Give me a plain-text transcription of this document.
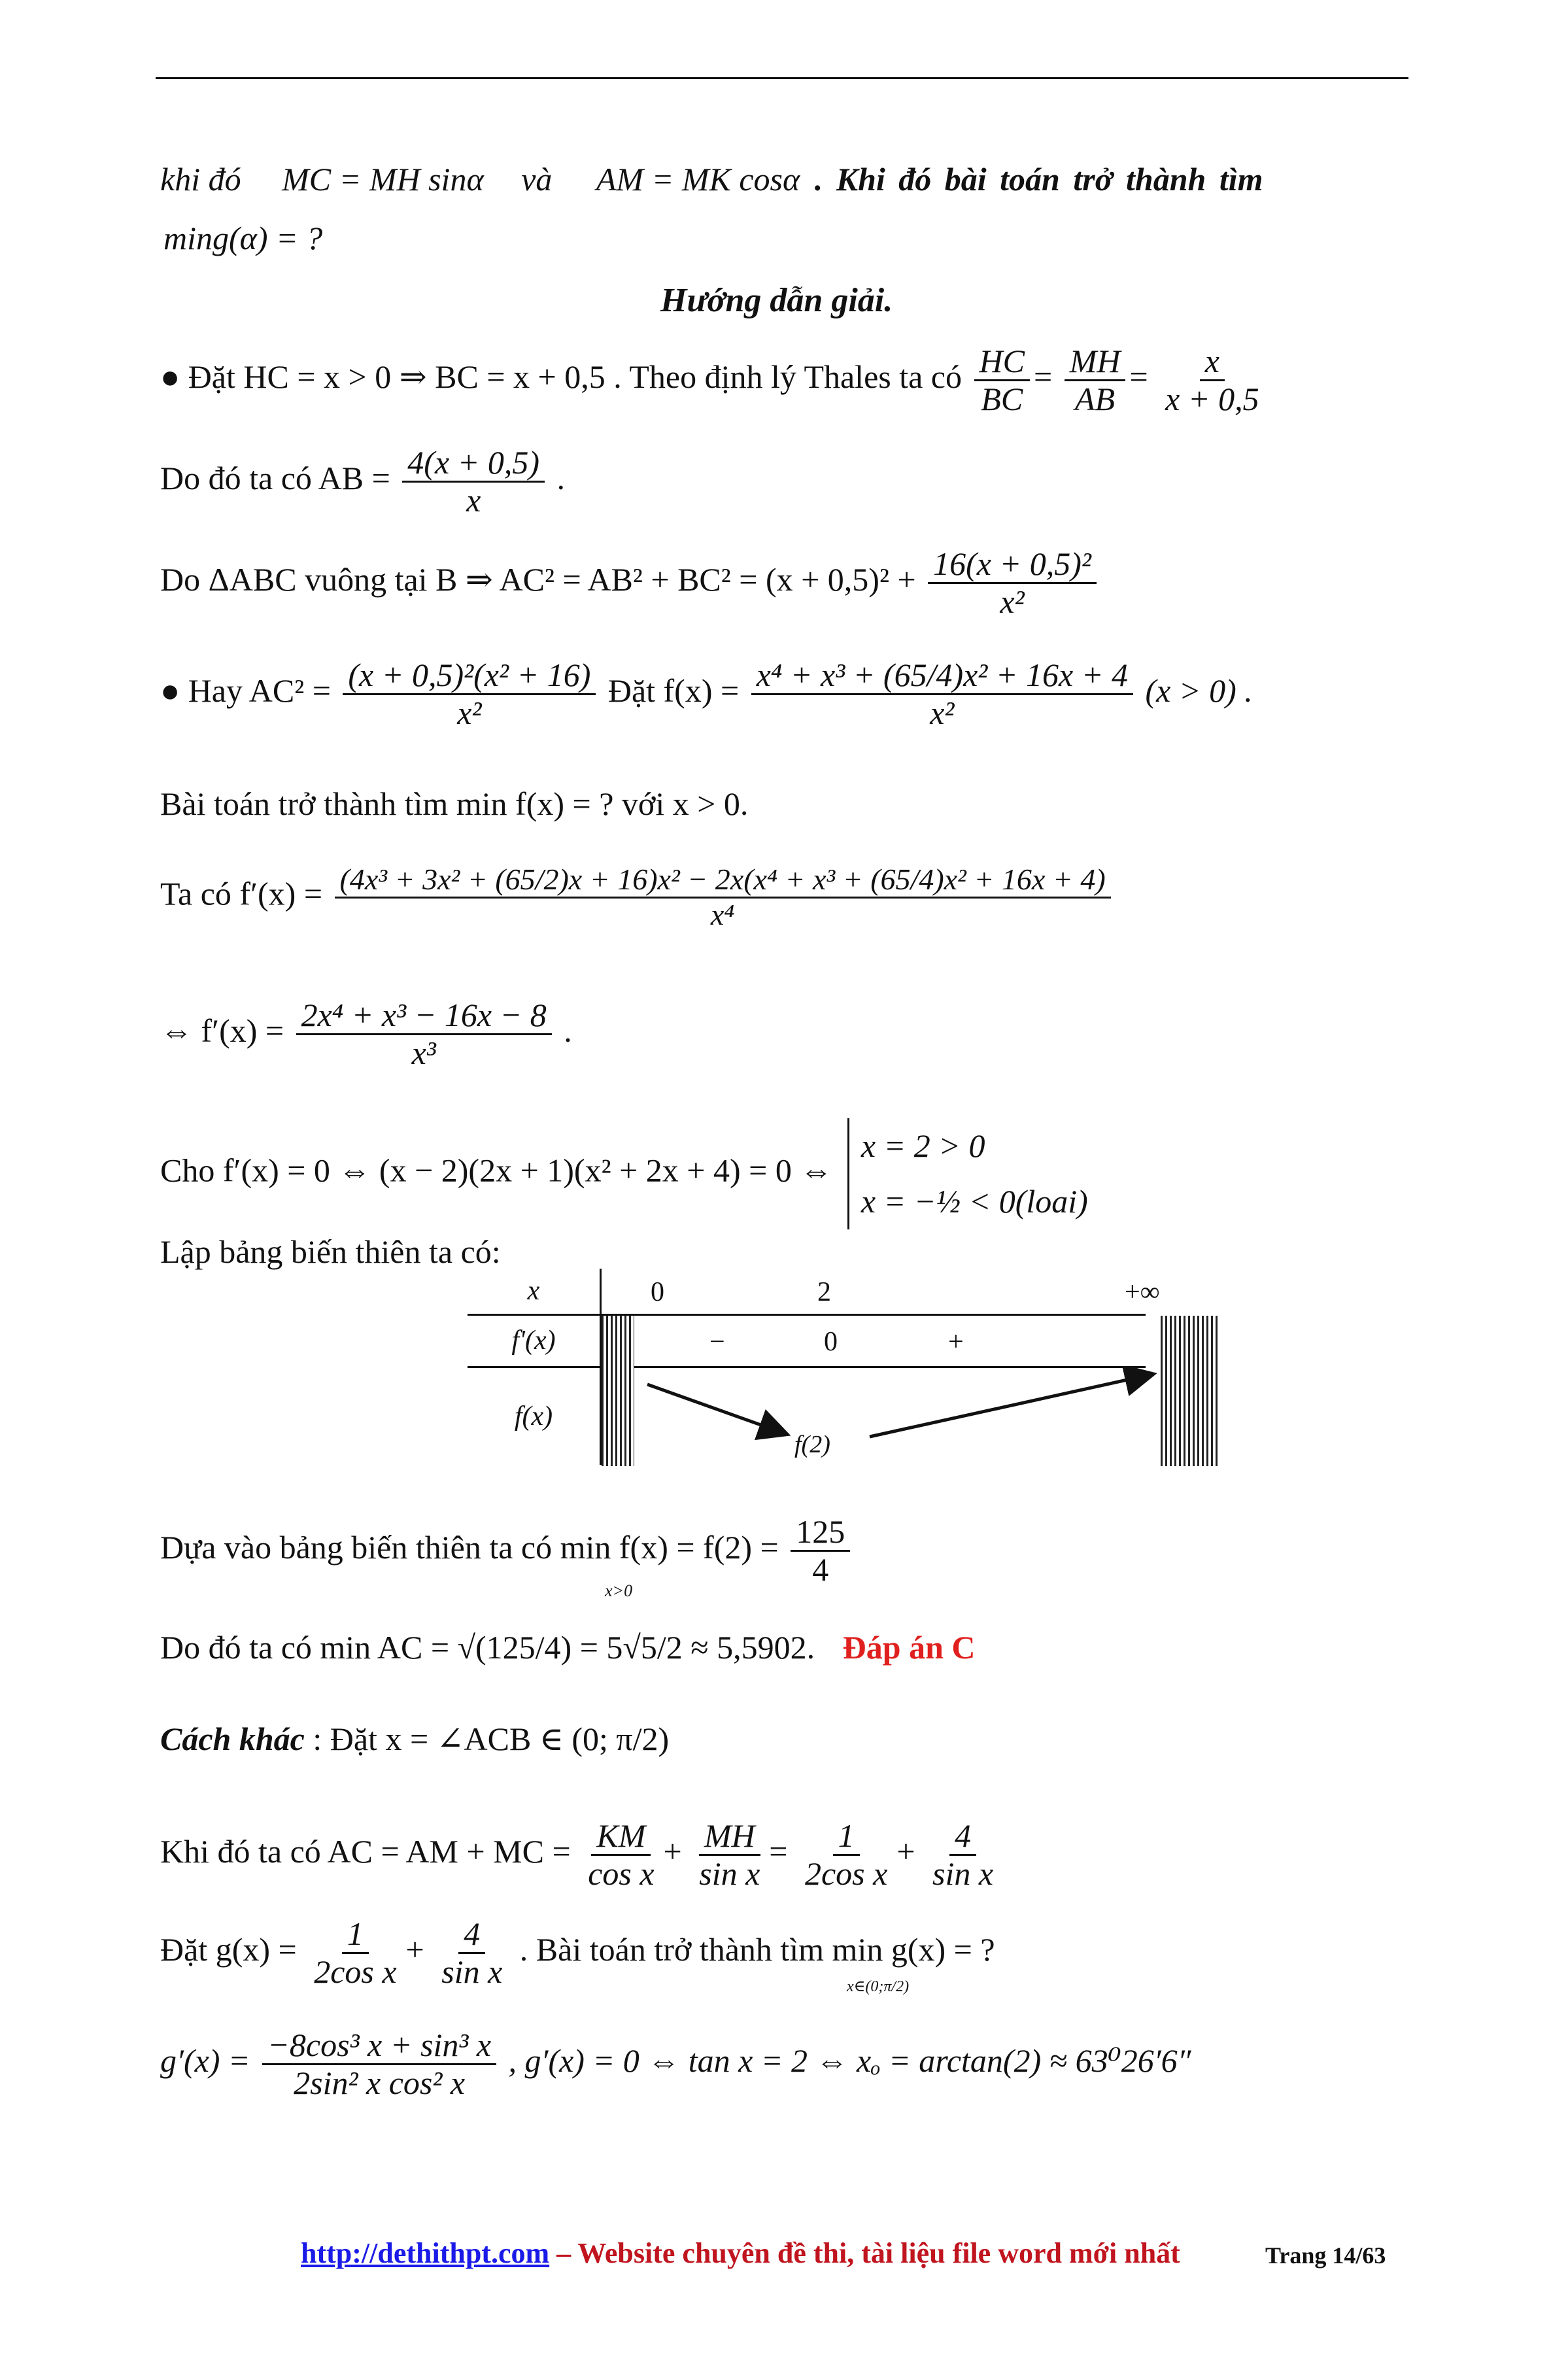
khi đó MC = MH sinα và AM = MK cosα . Khi đó bài toán trở thành tìm
ming(α) = ?
Hướng dẫn giải.
● Đặt HC = x > 0 ⇒ BC = x + 0,5 . Theo định lý Thales ta có $\frac{HC}{BC} = \frac{MH}{AB} = \frac{x}{x + 0,5}$
Do đó ta có AB = $\frac{4(x + 0,5)}{x}$ .
Do ΔABC vuông tại B ⇒ $AC^2 = AB^2 + BC^2 = (x + 0,5)^2 + \frac{\text{16(x + 0,5)²}}{\text{x²}}$
● Hay $AC^2 = \frac{\text{(x + 0,5)²(x² + 16)}}{\text{x²}}$ Đặt $f(x) = \frac{\text{x⁴ + x³ + (65/4)x² + 16x + 4}}{\text{x²}} (x > 0)$ .
Bài toán trở thành tìm min f(x) = ? với x > 0.
Ta có f′(x) = (4x³ + 3x² + (65/2)x + 16)x² − 2x(x⁴ + x³ + (65/4)x² + 16x + 4)
x⁴
⇔ $f'(x) = \frac{\text{2x⁴ + x³ − 16x − 8}}{\text{x³}}$ .
Cho f′(x) = 0 ⇔ (x − 2)(2x + 1)(x² + 2x + 4) = 0 ⇔
x = 2 > 0
x = −½ < 0(loai)
Lập bảng biến thiên ta có:
x	0 2 +∞

f'(x)	− 0 +

f(x)	f(2)
Dựa vào bảng biến thiên ta có $\min f(x) = f(2) = \frac{125}{4}$
x>0
Do đó ta có min AC = √(125/4) = 5√5/2 ≈ 5,5902. Đáp án C
Cách khác : Đặt x = ∠ACB ∈ (0; π/2)
Khi đó ta có AC = AM + MC = $\frac{KM}{\text{cos x}} + \frac{MH}{\text{sin x}} = \frac{1}{\text{2cos x}} + \frac{4}{\text{sin x}}$
Đặt $g(x) = \frac{1}{\text{2cos x}} + \frac{4}{\text{sin x}}$ . Bài toán trở thành tìm min g(x) = ?
x∈(0;π/2)
$g'(x) = \frac{\text{−8cos³ x + sin³ x}}{\text{2sin² x cos² x}}$ , g′(x) = 0 ⇔ tan x = 2 ⇔ xₒ = arctan(2) ≈ 63⁰26′6″
http://dethithpt.com – Website chuyên đề thi, tài liệu file word mới nhất	Trang 14/63
